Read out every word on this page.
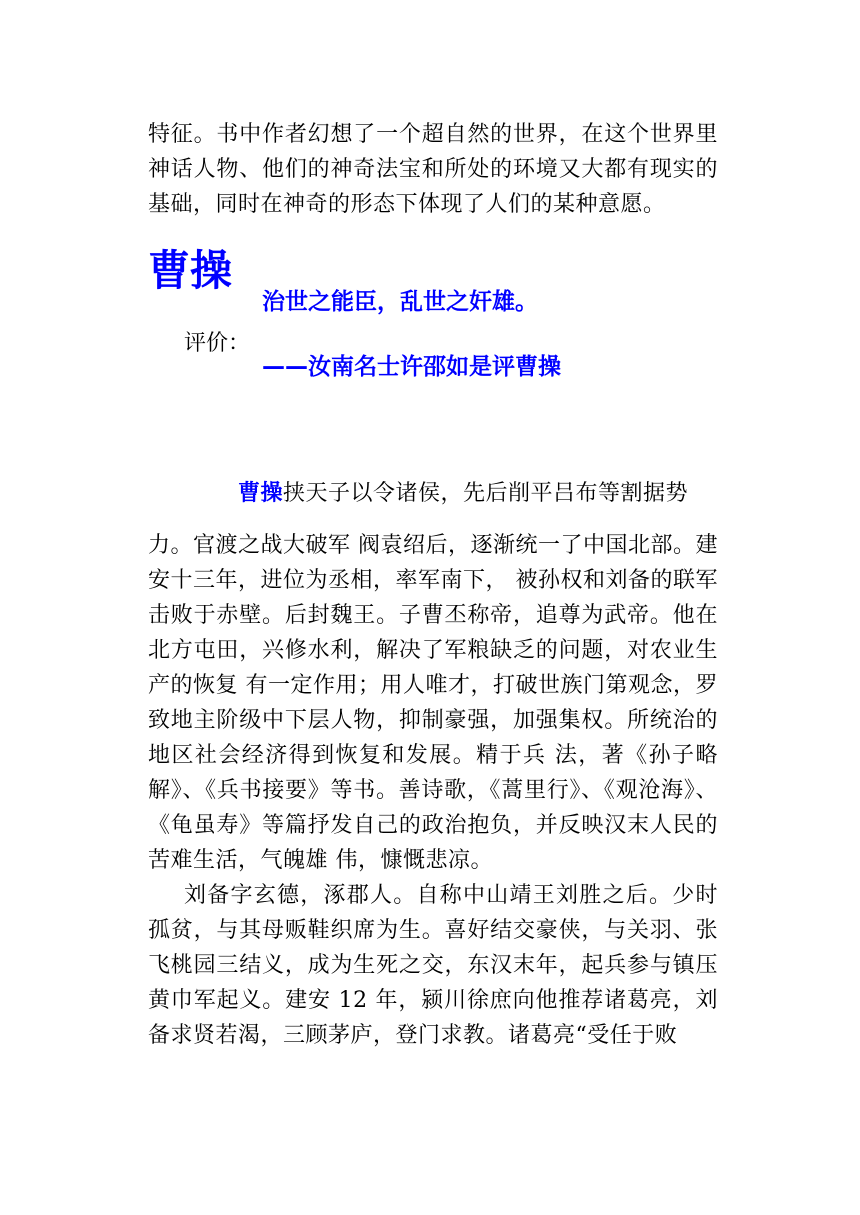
特征。书中作者幻想了一个超自然的世界，在这个世界里神话人物、他们的神奇法宝和所处的环境又大都有现实的基础，同时在神奇的形态下体现了人们的某种意愿。
曹操
治世之能臣，乱世之奸雄。
评价：
——汝南名士许邵如是评曹操
曹操挟天子以令诸侯，先后削平吕布等割据势
力。官渡之战大破军 阀袁绍后，逐渐统一了中国北部。建安十三年，进位为丞相，率军南下， 被孙权和刘备的联军击败于赤壁。后封魏王。子曹丕称帝，追尊为武帝。他在北方屯田，兴修水利，解决了军粮缺乏的问题，对农业生产的恢复 有一定作用；用人唯才，打破世族门第观念，罗致地主阶级中下层人物，抑制豪强，加强集权。所统治的地区社会经济得到恢复和发展。精于兵 法，著《孙子略解》、《兵书接要》等书。善诗歌，《蒿里行》、《观沧海》、《龟虽寿》等篇抒发自己的政治抱负，并反映汉末人民的苦难生活，气魄雄 伟，慷慨悲凉。
刘备字玄德，涿郡人。自称中山靖王刘胜之后。少时孤贫，与其母贩鞋织席为生。喜好结交豪侠，与关羽、张飞桃园三结义，成为生死之交，东汉末年，起兵参与镇压黄巾军起义。建安 12 年，颍川徐庶向他推荐诸葛亮，刘备求贤若渴，三顾茅庐，登门求教。诸葛亮“受任于败
